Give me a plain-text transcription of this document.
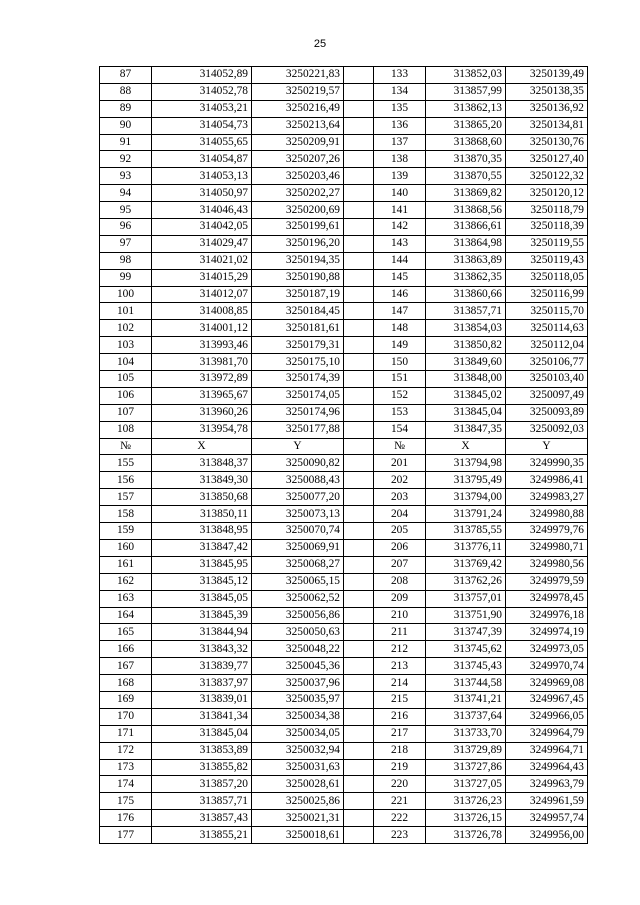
25
87	314052,89	3250221,83		133	313852,03	3250139,49
88	314052,78	3250219,57		134	313857,99	3250138,35
89	314053,21	3250216,49		135	313862,13	3250136,92
90	314054,73	3250213,64		136	313865,20	3250134,81
91	314055,65	3250209,91		137	313868,60	3250130,76
92	314054,87	3250207,26		138	313870,35	3250127,40
93	314053,13	3250203,46		139	313870,55	3250122,32
94	314050,97	3250202,27		140	313869,82	3250120,12
95	314046,43	3250200,69		141	313868,56	3250118,79
96	314042,05	3250199,61		142	313866,61	3250118,39
97	314029,47	3250196,20		143	313864,98	3250119,55
98	314021,02	3250194,35		144	313863,89	3250119,43
99	314015,29	3250190,88		145	313862,35	3250118,05
100	314012,07	3250187,19		146	313860,66	3250116,99
101	314008,85	3250184,45		147	313857,71	3250115,70
102	314001,12	3250181,61		148	313854,03	3250114,63
103	313993,46	3250179,31		149	313850,82	3250112,04
104	313981,70	3250175,10		150	313849,60	3250106,77
105	313972,89	3250174,39		151	313848,00	3250103,40
106	313965,67	3250174,05		152	313845,02	3250097,49
107	313960,26	3250174,96		153	313845,04	3250093,89
108	313954,78	3250177,88		154	313847,35	3250092,03
№	X	Y		№	X	Y
155	313848,37	3250090,82		201	313794,98	3249990,35
156	313849,30	3250088,43		202	313795,49	3249986,41
157	313850,68	3250077,20		203	313794,00	3249983,27
158	313850,11	3250073,13		204	313791,24	3249980,88
159	313848,95	3250070,74		205	313785,55	3249979,76
160	313847,42	3250069,91		206	313776,11	3249980,71
161	313845,95	3250068,27		207	313769,42	3249980,56
162	313845,12	3250065,15		208	313762,26	3249979,59
163	313845,05	3250062,52		209	313757,01	3249978,45
164	313845,39	3250056,86		210	313751,90	3249976,18
165	313844,94	3250050,63		211	313747,39	3249974,19
166	313843,32	3250048,22		212	313745,62	3249973,05
167	313839,77	3250045,36		213	313745,43	3249970,74
168	313837,97	3250037,96		214	313744,58	3249969,08
169	313839,01	3250035,97		215	313741,21	3249967,45
170	313841,34	3250034,38		216	313737,64	3249966,05
171	313845,04	3250034,05		217	313733,70	3249964,79
172	313853,89	3250032,94		218	313729,89	3249964,71
173	313855,82	3250031,63		219	313727,86	3249964,43
174	313857,20	3250028,61		220	313727,05	3249963,79
175	313857,71	3250025,86		221	313726,23	3249961,59
176	313857,43	3250021,31		222	313726,15	3249957,74
177	313855,21	3250018,61		223	313726,78	3249956,00
